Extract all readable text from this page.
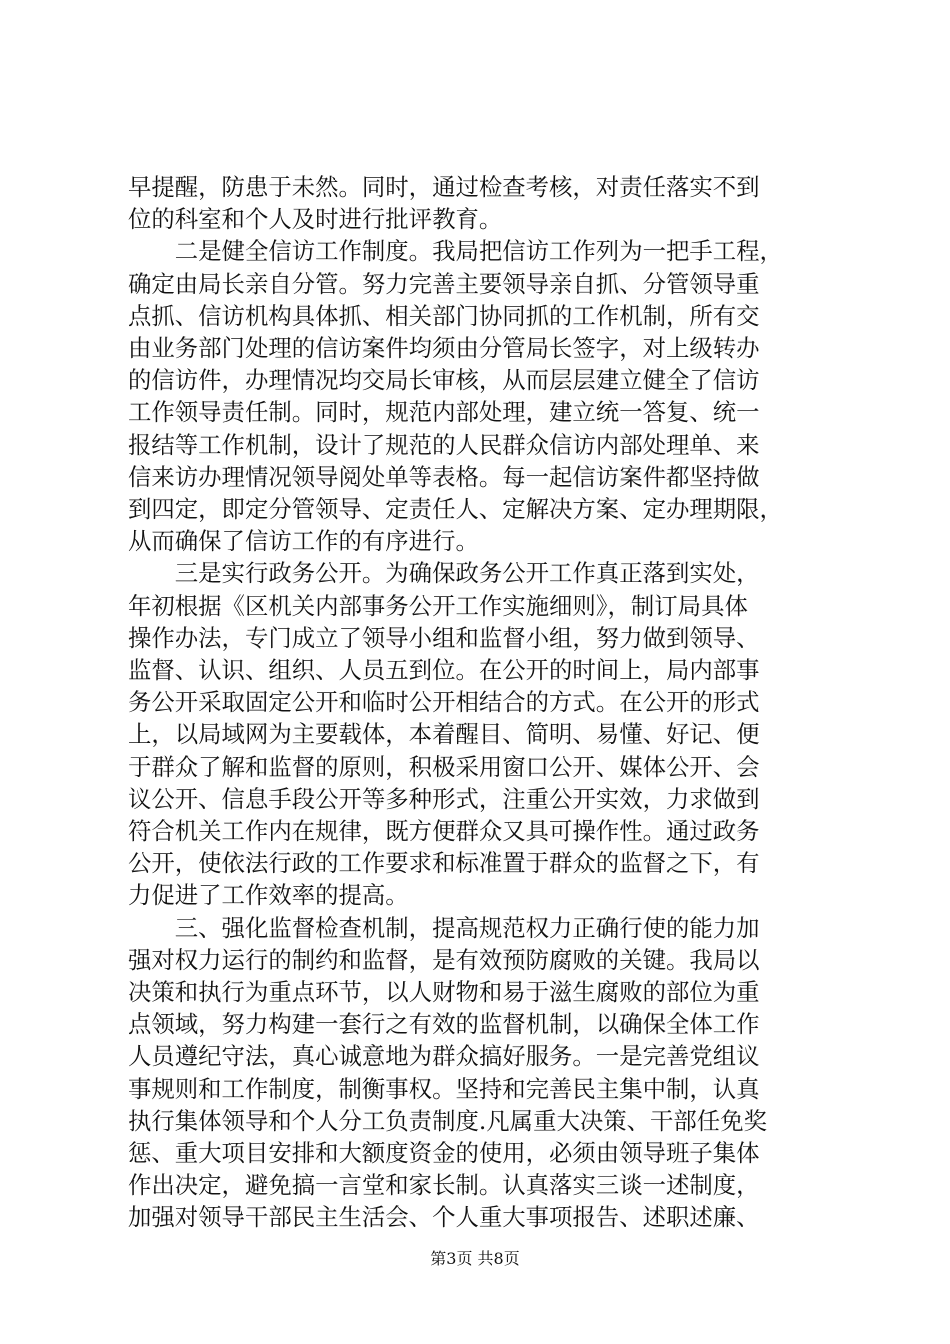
早提醒，防患于未然。同时，通过检查考核，对责任落实不到
位的科室和个人及时进行批评教育。
　　二是健全信访工作制度。我局把信访工作列为一把手工程，
确定由局长亲自分管。努力完善主要领导亲自抓、分管领导重
点抓、信访机构具体抓、相关部门协同抓的工作机制，所有交
由业务部门处理的信访案件均须由分管局长签字，对上级转办
的信访件，办理情况均交局长审核，从而层层建立健全了信访
工作领导责任制。同时，规范内部处理，建立统一答复、统一
报结等工作机制，设计了规范的人民群众信访内部处理单、来
信来访办理情况领导阅处单等表格。每一起信访案件都坚持做
到四定，即定分管领导、定责任人、定解决方案、定办理期限，
从而确保了信访工作的有序进行。
　　三是实行政务公开。为确保政务公开工作真正落到实处，
年初根据《区机关内部事务公开工作实施细则》，制订局具体
操作办法，专门成立了领导小组和监督小组，努力做到领导、
监督、认识、组织、人员五到位。在公开的时间上，局内部事
务公开采取固定公开和临时公开相结合的方式。在公开的形式
上，以局域网为主要载体，本着醒目、简明、易懂、好记、便
于群众了解和监督的原则，积极采用窗口公开、媒体公开、会
议公开、信息手段公开等多种形式，注重公开实效，力求做到
符合机关工作内在规律，既方便群众又具可操作性。通过政务
公开，使依法行政的工作要求和标准置于群众的监督之下，有
力促进了工作效率的提高。
　　三、强化监督检查机制，提高规范权力正确行使的能力加
强对权力运行的制约和监督，是有效预防腐败的关键。我局以
决策和执行为重点环节，以人财物和易于滋生腐败的部位为重
点领域，努力构建一套行之有效的监督机制，以确保全体工作
人员遵纪守法，真心诚意地为群众搞好服务。一是完善党组议
事规则和工作制度，制衡事权。坚持和完善民主集中制，认真
执行集体领导和个人分工负责制度.凡属重大决策、干部任免奖
惩、重大项目安排和大额度资金的使用，必须由领导班子集体
作出决定，避免搞一言堂和家长制。认真落实三谈一述制度，
加强对领导干部民主生活会、个人重大事项报告、述职述廉、
第3页 共8页
